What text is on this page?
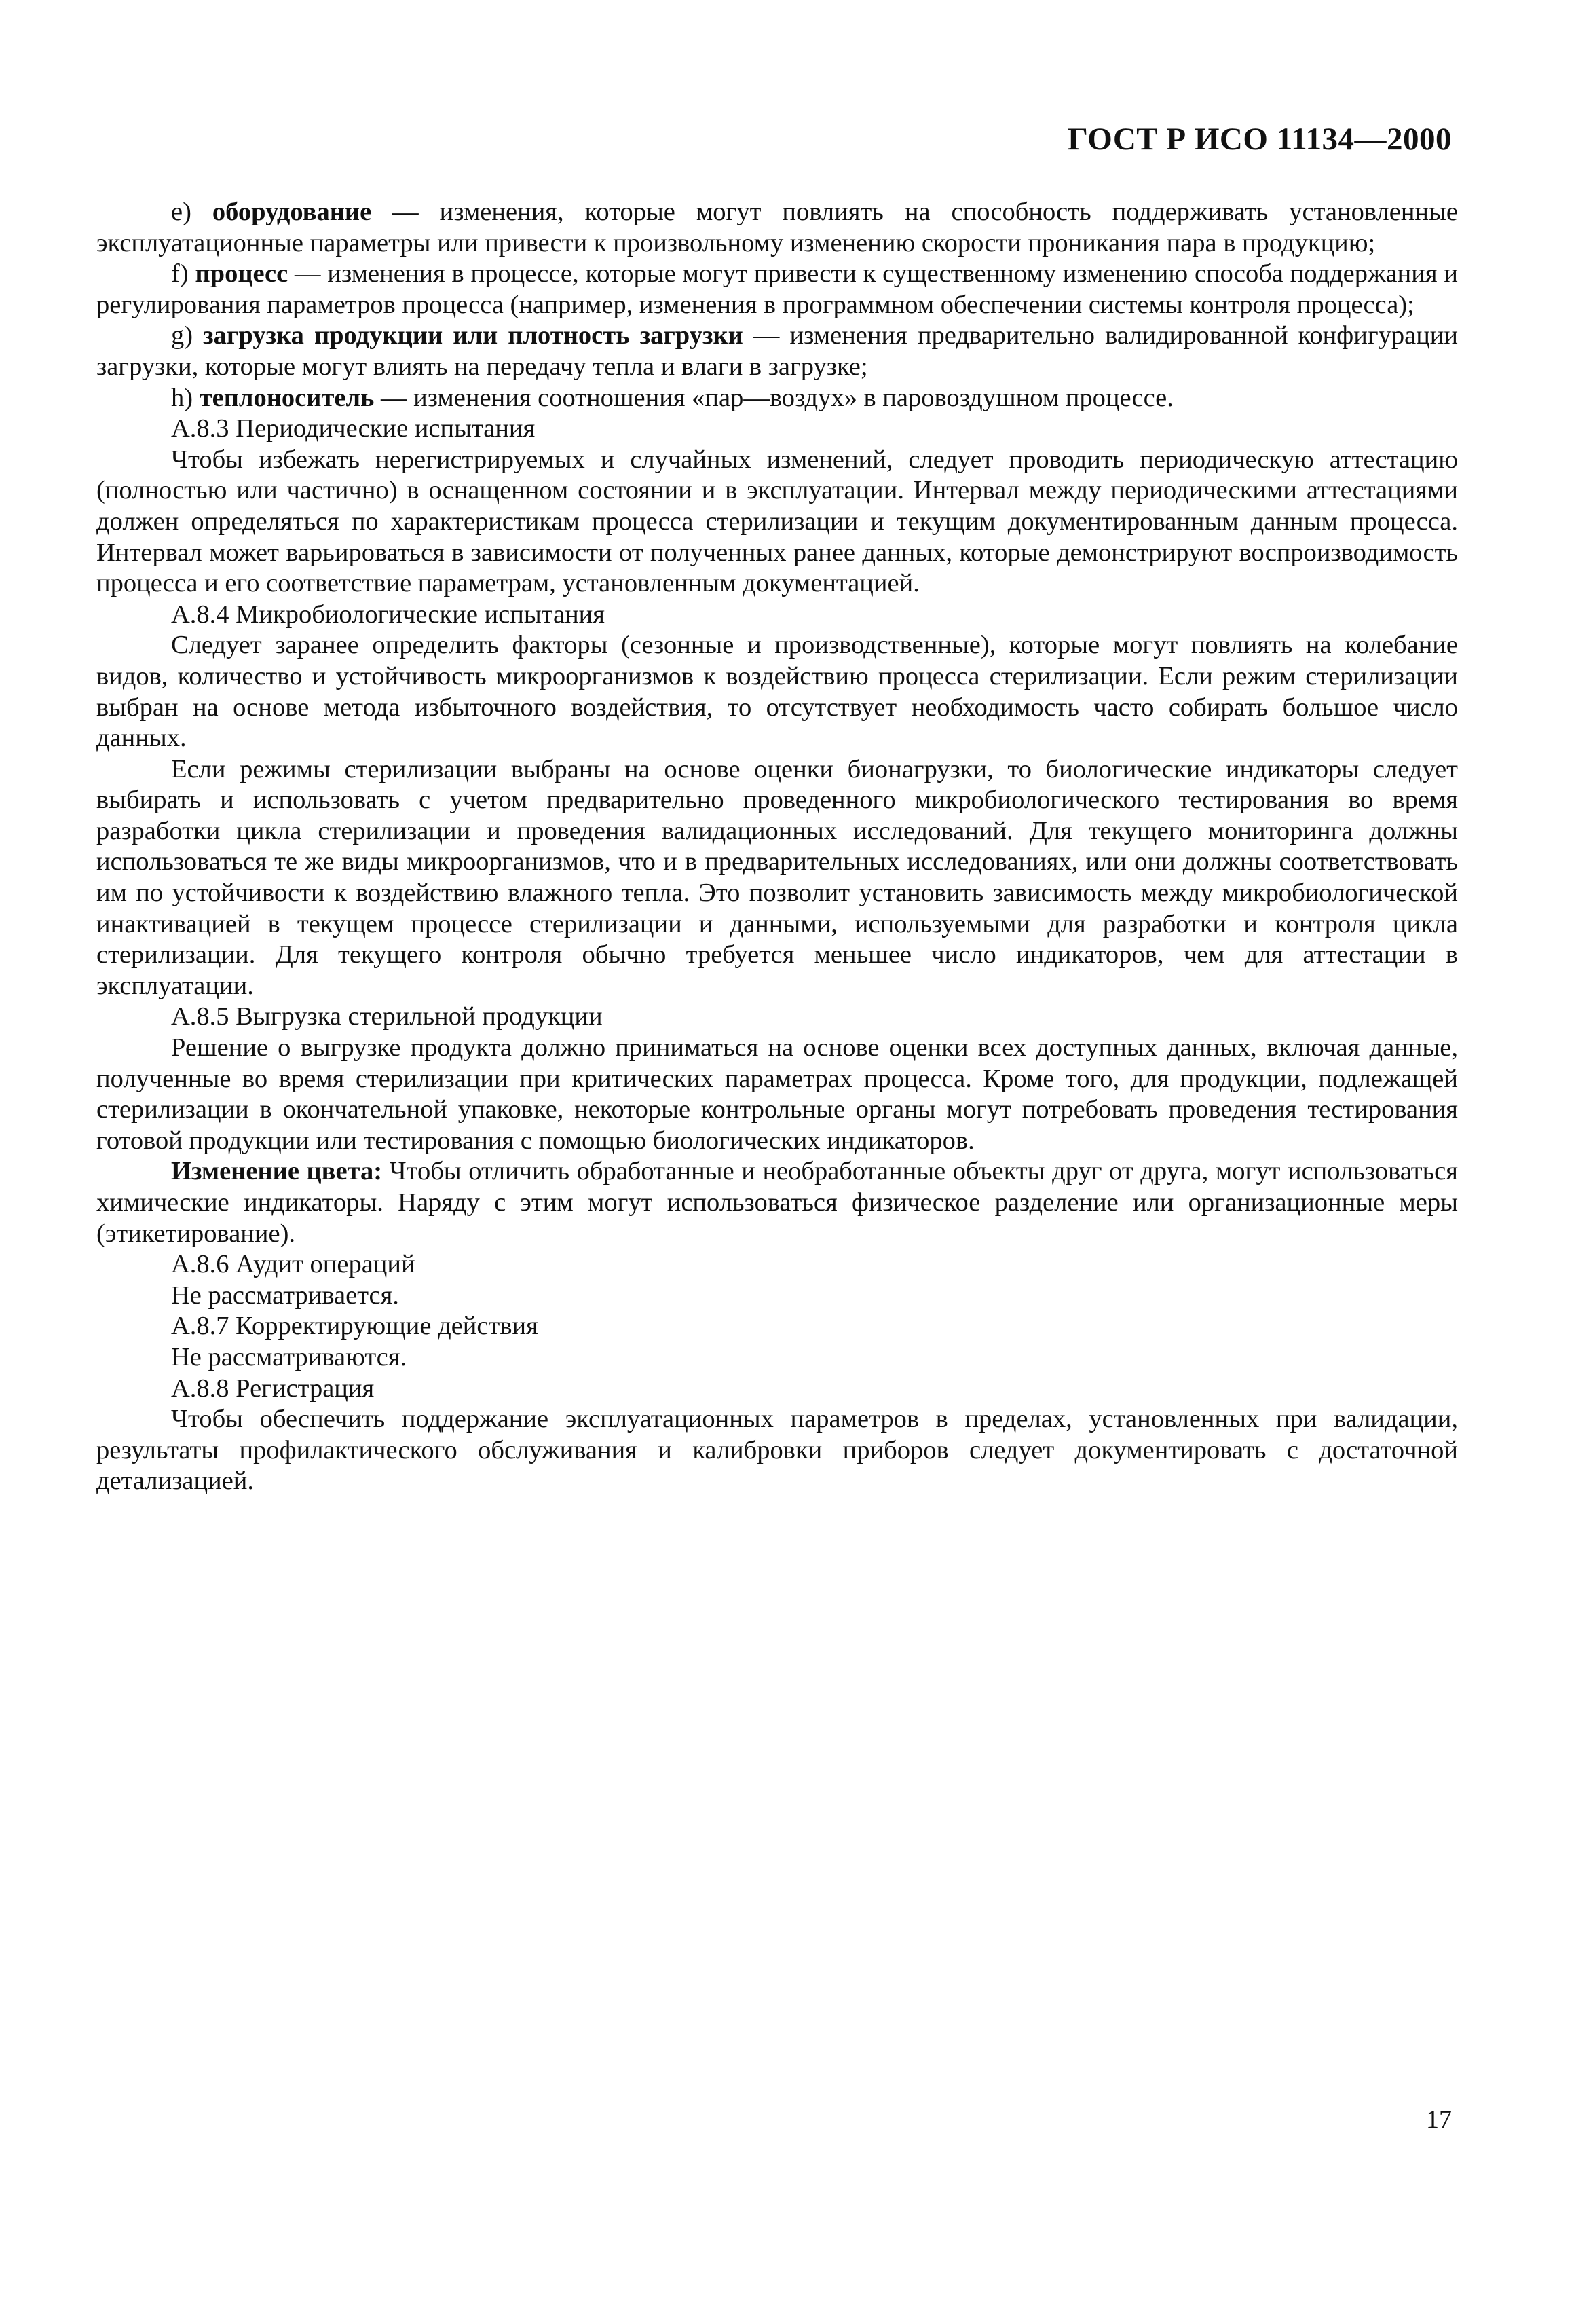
ГОСТ Р ИСО 11134—2000

e) оборудование — изменения, которые могут повлиять на способность поддерживать установленные эксплуатационные параметры или привести к произвольному изменению скорости проникания пара в продукцию;

f) процесс — изменения в процессе, которые могут привести к существенному изменению способа поддержания и регулирования параметров процесса (например, изменения в программном обеспечении системы контроля процесса);

g) загрузка продукции или плотность загрузки — изменения предварительно валидированной конфигурации загрузки, которые могут влиять на передачу тепла и влаги в загрузке;

h) теплоноситель — изменения соотношения «пар—воздух» в паровоздушном процессе.

А.8.3 Периодические испытания

Чтобы избежать нерегистрируемых и случайных изменений, следует проводить периодическую аттестацию (полностью или частично) в оснащенном состоянии и в эксплуатации. Интервал между периодическими аттестациями должен определяться по характеристикам процесса стерилизации и текущим документированным данным процесса. Интервал может варьироваться в зависимости от полученных ранее данных, которые демонстрируют воспроизводимость процесса и его соответствие параметрам, установленным документацией.

А.8.4 Микробиологические испытания

Следует заранее определить факторы (сезонные и производственные), которые могут повлиять на колебание видов, количество и устойчивость микроорганизмов к воздействию процесса стерилизации. Если режим стерилизации выбран на основе метода избыточного воздействия, то отсутствует необходимость часто собирать большое число данных.

Если режимы стерилизации выбраны на основе оценки бионагрузки, то биологические индикаторы следует выбирать и использовать с учетом предварительно проведенного микробиологического тестирования во время разработки цикла стерилизации и проведения валидационных исследований. Для текущего мониторинга должны использоваться те же виды микроорганизмов, что и в предварительных исследованиях, или они должны соответствовать им по устойчивости к воздействию влажного тепла. Это позволит установить зависимость между микробиологической инактивацией в текущем процессе стерилизации и данными, используемыми для разработки и контроля цикла стерилизации. Для текущего контроля обычно требуется меньшее число индикаторов, чем для аттестации в эксплуатации.

А.8.5 Выгрузка стерильной продукции

Решение о выгрузке продукта должно приниматься на основе оценки всех доступных данных, включая данные, полученные во время стерилизации при критических параметрах процесса. Кроме того, для продукции, подлежащей стерилизации в окончательной упаковке, некоторые контрольные органы могут потребовать проведения тестирования готовой продукции или тестирования с помощью биологических индикаторов.

Изменение цвета: Чтобы отличить обработанные и необработанные объекты друг от друга, могут использоваться химические индикаторы. Наряду с этим могут использоваться физическое разделение или организационные меры (этикетирование).

А.8.6 Аудит операций

Не рассматривается.

А.8.7 Корректирующие действия

Не рассматриваются.

А.8.8 Регистрация

Чтобы обеспечить поддержание эксплуатационных параметров в пределах, установленных при валидации, результаты профилактического обслуживания и калибровки приборов следует документировать с достаточной детализацией.

17
